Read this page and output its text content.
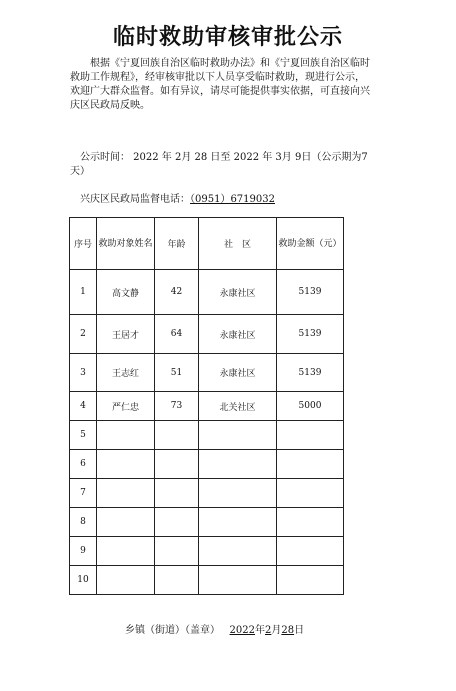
临时救助审核审批公示
根据《宁夏回族自治区临时救助办法》和《宁夏回族自治区临时救助工作规程》，经审核审批以下人员享受临时救助，现进行公示，欢迎广大群众监督。如有异议，请尽可能提供事实依据，可直接向兴庆区民政局反映。
公示时间： 2022 年 2月 28 日至 2022 年 3月 9日（公示期为7天）
兴庆区民政局监督电话：（0951）6719032
序号	救助对象姓名	年龄	社　区	救助金额（元）

1	高文静	42	永康社区	5139
2	王居才	64	永康社区	5139
3	王志红	51	永康社区	5139
4	严仁忠	73	北关社区	5000
5				
6				
7				
8				
9				
10				
乡镇（街道）（盖章） 2022年2月28日
